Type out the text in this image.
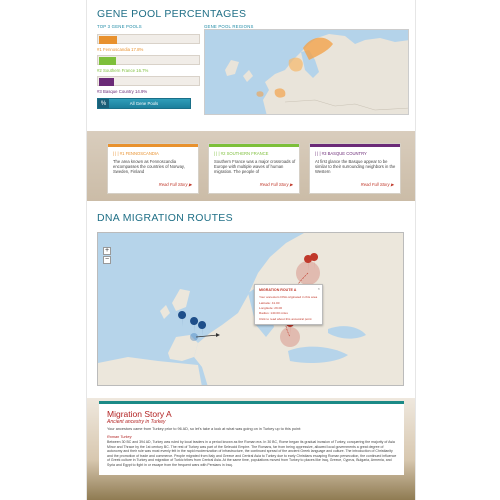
GENE POOL PERCENTAGES
TOP 3 GENE POOLS	GENE POOL REGIONS
#1 Fennoscandia 17.8%
#2 Southern France 16.7%
#3 Basque Country 14.9%
%	All Gene Pools
| | | #1 FENNOSCANDIA
The area known as Fennoscandia encompasses the countries of Norway, Sweden, Finland
Read Full Story ▶
| | | #2 SOUTHERN FRANCE
Southern France was a major crossroads of Europe with multiple waves of human migration. The people of
Read Full Story ▶
| | | #3 BASQUE COUNTRY
At first glance the Basque appear to be similar to their surrounding neighbors in the Western
Read Full Story ▶
DNA MIGRATION ROUTES
+
−
×
MIGRATION ROUTE A
Your ancestors DNA originated in this area
Latitude: 41.00
Longitude: 29.00
Radius: 140.00 miles
Click to read about this ancestral point
Migration Story A
Ancient ancestry in Turkey
Your ancestors came from Turkey prior to 96 AD, so let's take a look at what was going on in Turkey up to this point:
Roman Turkey
Between 30 BC and 394 AD, Turkey was ruled by local leaders in a period known as the Roman era. In 30 BC, Rome began its gradual invasion of Turkey, conquering the majority of Asia Minor and Thrace by the 1st century BC. The rest of Turkey was part of the Seleucid Empire. The Romans, far from being oppressive, allowed local governments a great degree of autonomy and their rule was most evenly felt in the rapid modernization of infrastructure, the continued spread of the ancient Greek language and culture. The introduction of Christianity and the promotion of trade and commerce. People migrated from Italy and Greece and Central Asia to Turkey due to early Christians escaping Roman persecution, the continued influence of Greek culture in Turkey and migration of Turkic tribes from Central Asia. At the same time, populations moved from Turkey to places like Iraq, Greece, Cyprus, Bulgaria, Armenia, and Syria and Egypt to fight in or escape from the frequent wars with Persians in Iraq.
